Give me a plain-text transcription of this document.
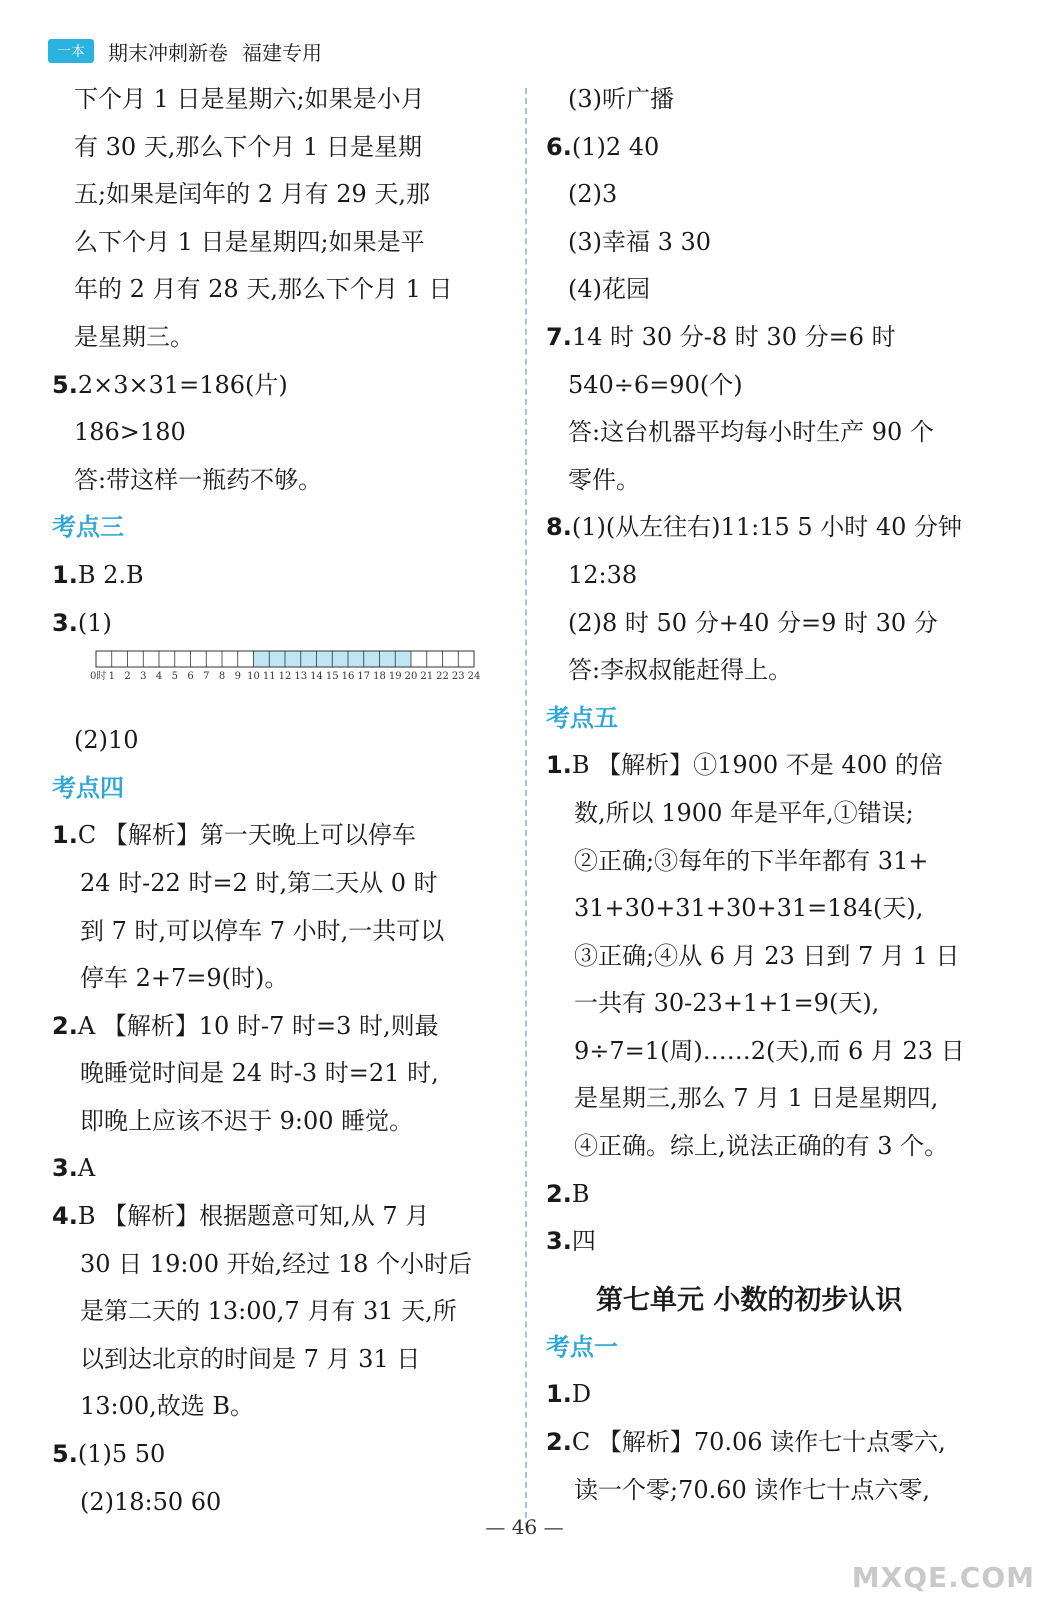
一本	期末冲刺新卷 福建专用
下个月 1 日是星期六;如果是小月
有 30 天,那么下个月 1 日是星期
五;如果是闰年的 2 月有 29 天,那
么下个月 1 日是星期四;如果是平
年的 2 月有 28 天,那么下个月 1 日
是星期三。
5.2×3×31=186(片)
186>180
答:带这样一瓶药不够。
考点三
1.B 2.B
3.(1)
0时 1 2 3 4 5 6 7 8 9 10 11 12 13 14 15 16 17 18 19 20 21 22 23 24
(2)10
考点四
1.C 【解析】第一天晚上可以停车
24 时-22 时=2 时,第二天从 0 时
到 7 时,可以停车 7 小时,一共可以
停车 2+7=9(时)。
2.A 【解析】10 时-7 时=3 时,则最
晚睡觉时间是 24 时-3 时=21 时,
即晚上应该不迟于 9:00 睡觉。
3.A
4.B 【解析】根据题意可知,从 7 月
30 日 19:00 开始,经过 18 个小时后
是第二天的 13:00,7 月有 31 天,所
以到达北京的时间是 7 月 31 日
13:00,故选 B。
5.(1)5 50
(2)18:50 60
(3)听广播
6.(1)2 40
(2)3
(3)幸福 3 30
(4)花园
7.14 时 30 分-8 时 30 分=6 时
540÷6=90(个)
答:这台机器平均每小时生产 90 个
零件。
8.(1)(从左往右)11:15 5 小时 40 分钟
12:38
(2)8 时 50 分+40 分=9 时 30 分
答:李叔叔能赶得上。
考点五
1.B 【解析】①1900 不是 400 的倍
数,所以 1900 年是平年,①错误;
②正确;③每年的下半年都有 31+
31+30+31+30+31=184(天),
③正确;④从 6 月 23 日到 7 月 1 日
一共有 30-23+1+1=9(天),
9÷7=1(周)……2(天),而 6 月 23 日
是星期三,那么 7 月 1 日是星期四,
④正确。综上,说法正确的有 3 个。
2.B
3.四
第七单元 小数的初步认识
考点一
1.D
2.C 【解析】70.06 读作七十点零六,
读一个零;70.60 读作七十点六零,
— 46 —
MXQE.COM
